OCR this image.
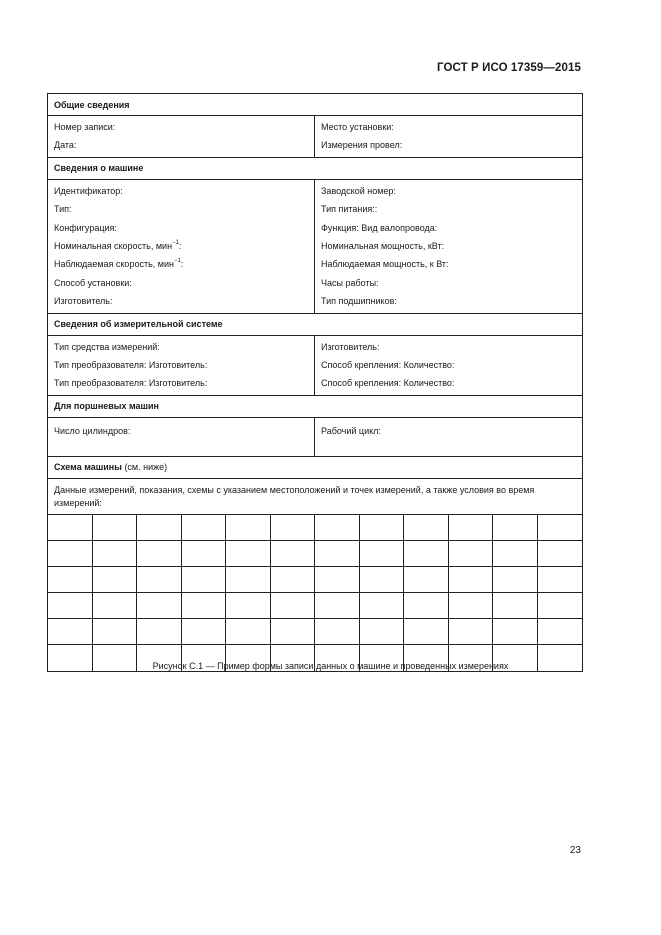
ГОСТ Р ИСО 17359—2015
Общие сведения
Номер записи:
Дата:
Место установки:
Измерения провел:
Сведения о машине
Идентификатор:
Тип:
Конфигурация:
Номинальная скорость, мин$^{-1}$:
Наблюдаемая скорость, мин$^{-1}$:
Способ установки:
Изготовитель:
Заводской номер:
Тип питания::
Функция: Вид валопровода:
Номинальная мощность, кВт:
Наблюдаемая мощность, к Вт:
Часы работы:
Тип подшипников:
Сведения об измерительной системе
Тип средства измерений:
Тип преобразователя: Изготовитель:
Тип преобразователя: Изготовитель:
Изготовитель:
Способ крепления: Количество:
Способ крепления: Количество:
Для поршневых машин
Число цилиндров:	Рабочий цикл:
Схема машины
(см. ниже)
Данные измерений, показания, схемы с указанием местоположений и точек измерений, а также условия во время измерений:
Рисунок С.1 — Пример формы записи данных о машине и проведенных измерениях
23
